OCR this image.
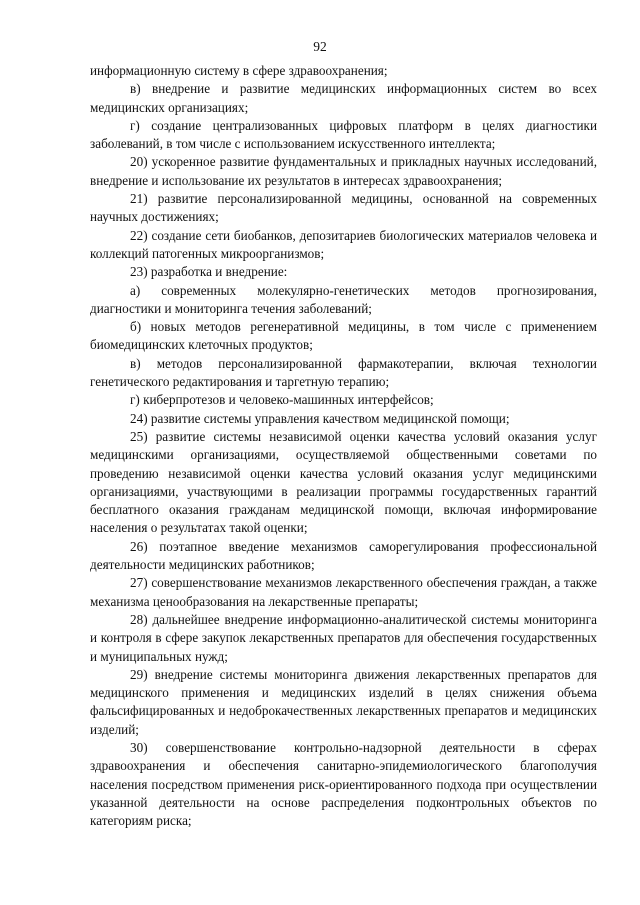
92

информационную систему в сфере здравоохранения;

в) внедрение и развитие медицинских информационных систем во всех медицинских организациях;

г) создание централизованных цифровых платформ в целях диагностики заболеваний, в том числе с использованием искусственного интеллекта;

20) ускоренное развитие фундаментальных и прикладных научных исследований, внедрение и использование их результатов в интересах здравоохранения;

21) развитие персонализированной медицины, основанной на современных научных достижениях;

22) создание сети биобанков, депозитариев биологических материалов человека и коллекций патогенных микроорганизмов;

23) разработка и внедрение:

а) современных молекулярно-генетических методов прогнозирования, диагностики и мониторинга течения заболеваний;

б) новых методов регенеративной медицины, в том числе с применением биомедицинских клеточных продуктов;

в) методов персонализированной фармакотерапии, включая технологии генетического редактирования и таргетную терапию;

г) киберпротезов и человеко-машинных интерфейсов;

24) развитие системы управления качеством медицинской помощи;

25) развитие системы независимой оценки качества условий оказания услуг медицинскими организациями, осуществляемой общественными советами по проведению независимой оценки качества условий оказания услуг медицинскими организациями, участвующими в реализации программы государственных гарантий бесплатного оказания гражданам медицинской помощи, включая информирование населения о результатах такой оценки;

26) поэтапное введение механизмов саморегулирования профессиональной деятельности медицинских работников;

27) совершенствование механизмов лекарственного обеспечения граждан, а также механизма ценообразования на лекарственные препараты;

28) дальнейшее внедрение информационно-аналитической системы мониторинга и контроля в сфере закупок лекарственных препаратов для обеспечения государственных и муниципальных нужд;

29) внедрение системы мониторинга движения лекарственных препаратов для медицинского применения и медицинских изделий в целях снижения объема фальсифицированных и недоброкачественных лекарственных препаратов и медицинских изделий;

30) совершенствование контрольно-надзорной деятельности в сферах здравоохранения и обеспечения санитарно-эпидемиологического благополучия населения посредством применения риск-ориентированного подхода при осуществлении указанной деятельности на основе распределения подконтрольных объектов по категориям риска;
